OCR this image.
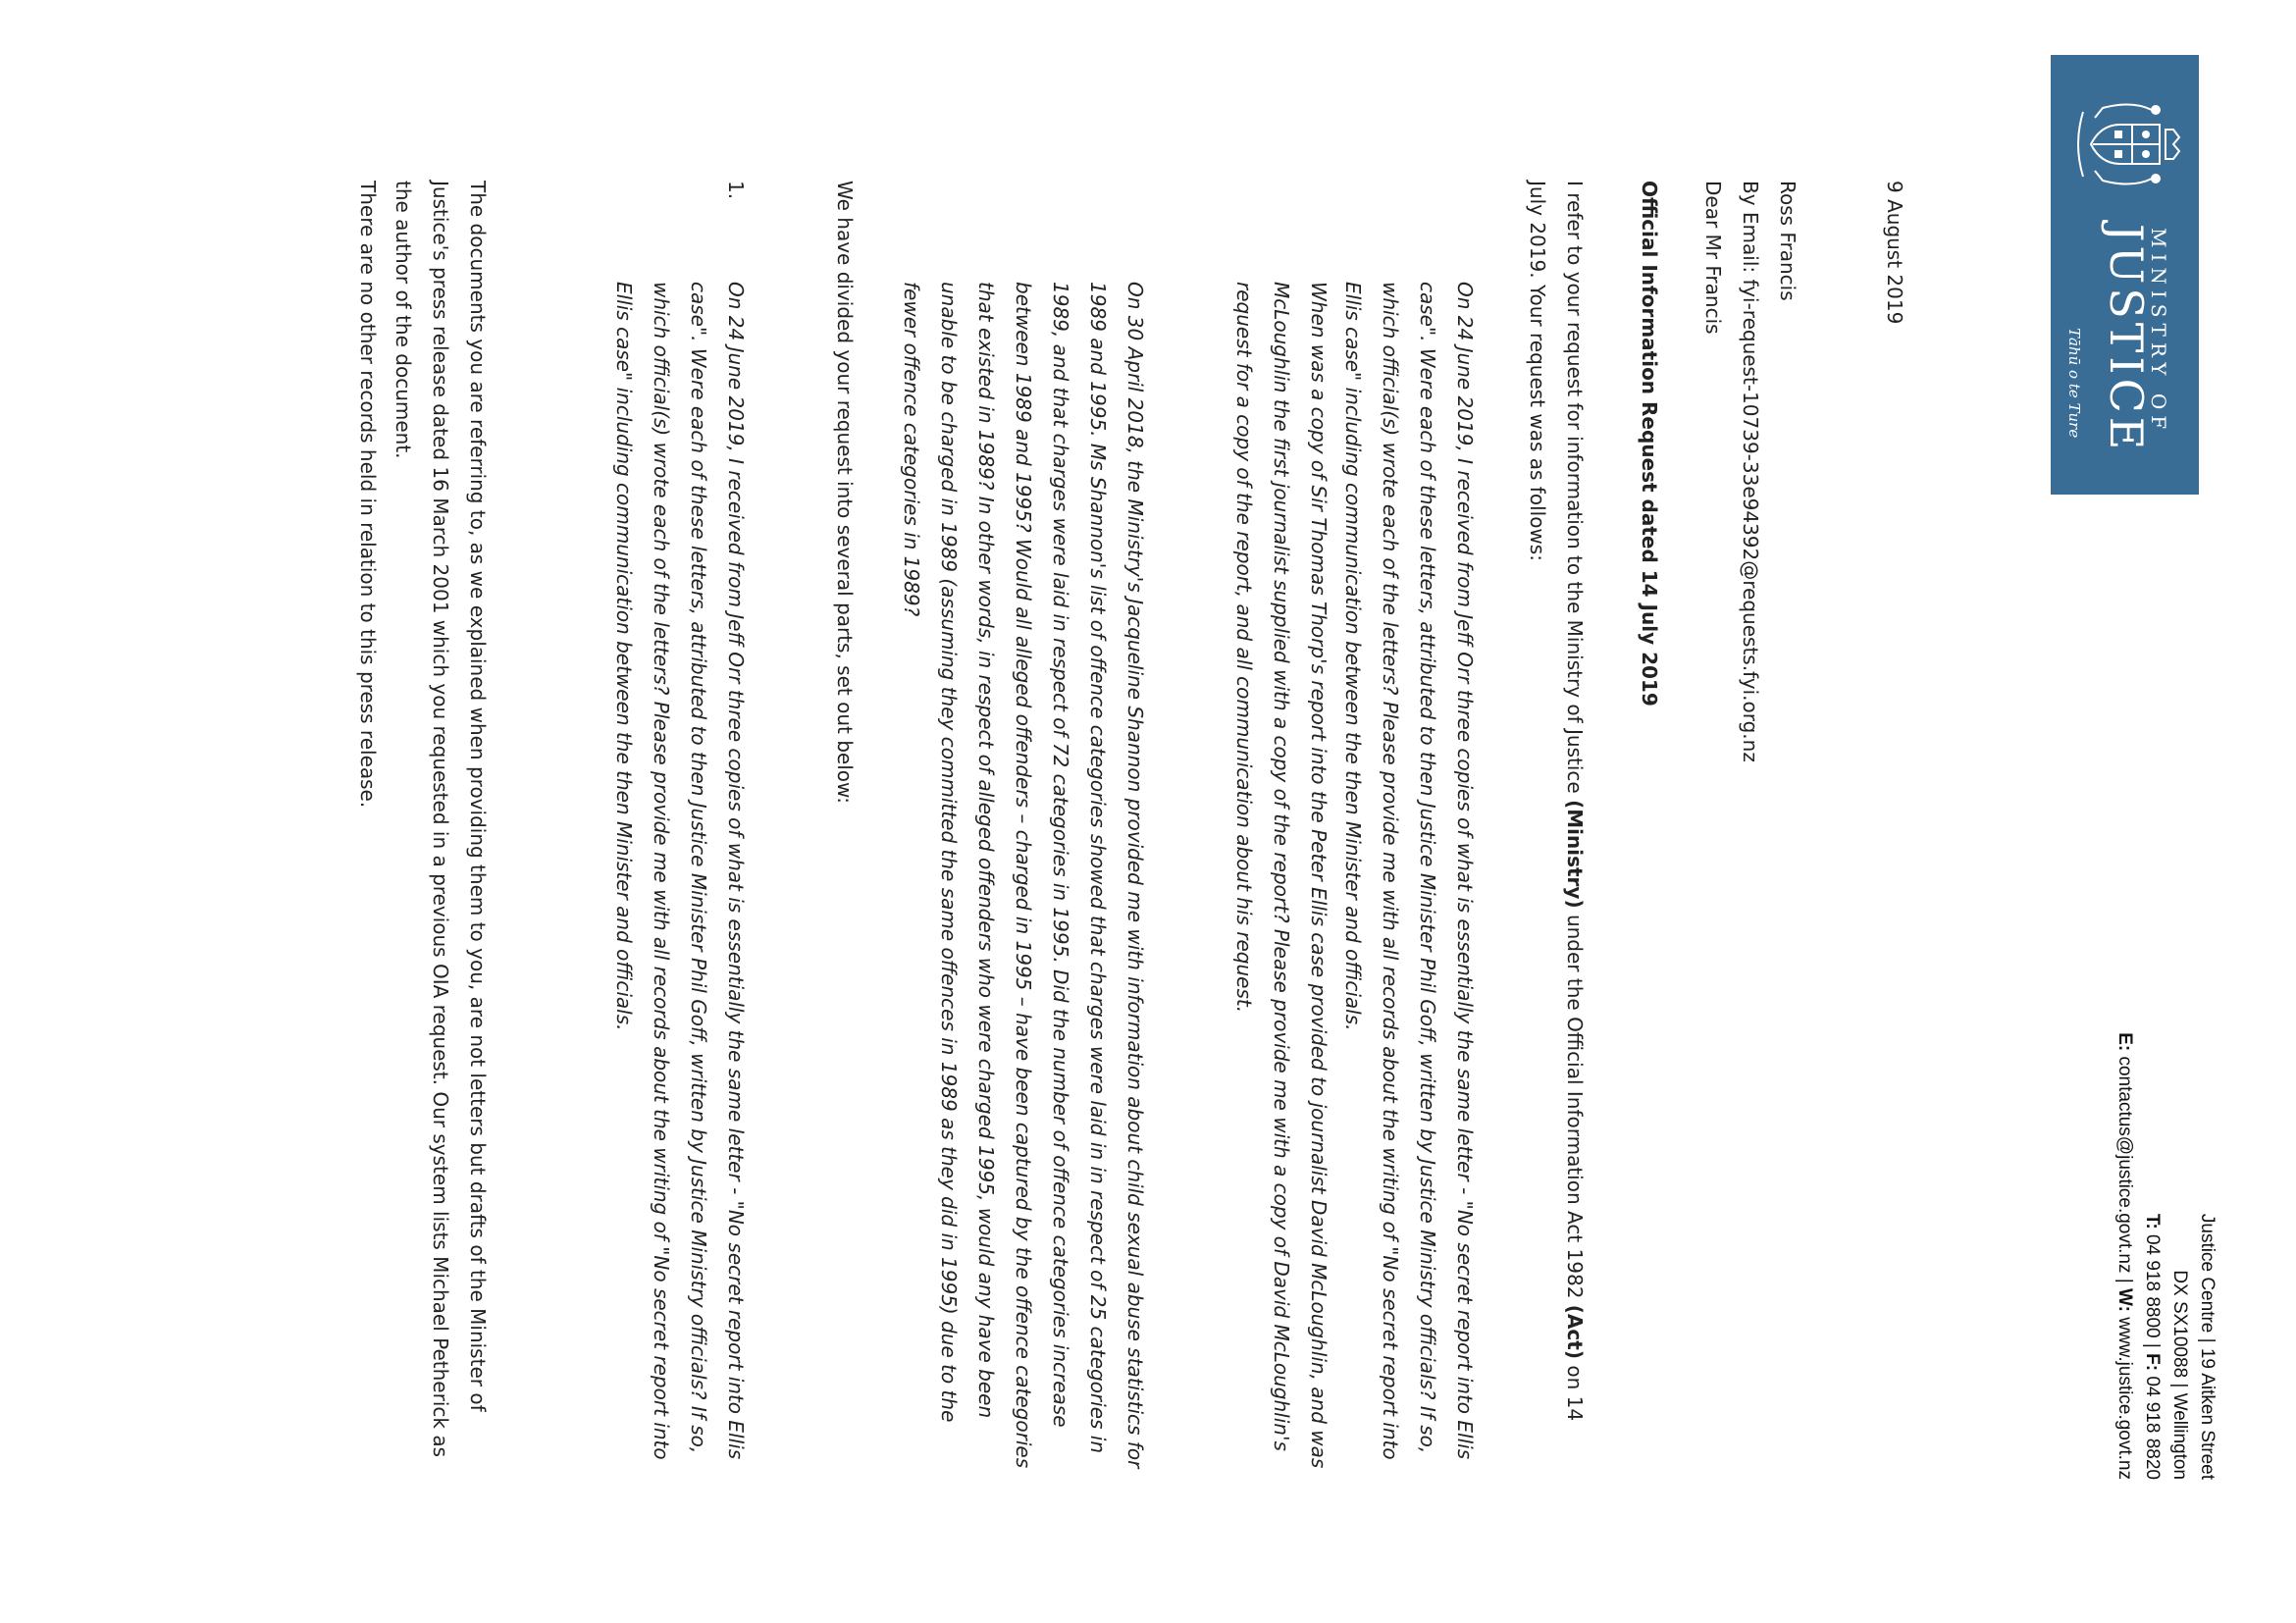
MINISTRY OF
JUSTICE
Tāhū o te Ture
Justice Centre | 19 Aitken Street
DX SX10088 | Wellington
T: 04 918 8800 | F: 04 918 8820
E: contactus@justice.govt.nz | W: www.justice.govt.nz
9 August 2019
Ross Francis
By Email: fyi-request-10739-33e94392@requests.fyi.org.nz
Dear Mr Francis
Official Information Request dated 14 July 2019
I refer to your request for information to the Ministry of Justice (Ministry) under the Official Information Act 1982 (Act) on 14 July 2019. Your request was as follows:
On 24 June 2019, I received from Jeff Orr three copies of what is essentially the same letter - "No secret report into Ellis case". Were each of these letters, attributed to then Justice Minister Phil Goff, written by Justice Ministry officials? If so, which official(s) wrote each of the letters? Please provide me with all records about the writing of "No secret report into Ellis case" including communication between the then Minister and officials.
When was a copy of Sir Thomas Thorp's report into the Peter Ellis case provided to journalist David McLoughlin, and was McLoughlin the first journalist supplied with a copy of the report? Please provide me with a copy of David McLoughlin's request for a copy of the report, and all communication about his request.
On 30 April 2018, the Ministry's Jacqueline Shannon provided me with information about child sexual abuse statistics for 1989 and 1995. Ms Shannon's list of offence categories showed that charges were laid in in respect of 25 categories in 1989, and that charges were laid in respect of 72 categories in 1995. Did the number of offence categories increase between 1989 and 1995? Would all alleged offenders – charged in 1995 – have been captured by the offence categories that existed in 1989? In other words, in respect of alleged offenders who were charged 1995, would any have been unable to be charged in 1989 (assuming they committed the same offences in 1989 as they did in 1995) due to the fewer offence categories in 1989?
We have divided your request into several parts, set out below:
1.
On 24 June 2019, I received from Jeff Orr three copies of what is essentially the same letter - "No secret report into Ellis case". Were each of these letters, attributed to then Justice Minister Phil Goff, written by Justice Ministry officials? If so, which official(s) wrote each of the letters? Please provide me with all records about the writing of "No secret report into Ellis case" including communication between the then Minister and officials.
The documents you are referring to, as we explained when providing them to you, are not letters but drafts of the Minister of Justice's press release dated 16 March 2001 which you requested in a previous OIA request. Our system lists Michael Petherick as the author of the document.
There are no other records held in relation to this press release.
